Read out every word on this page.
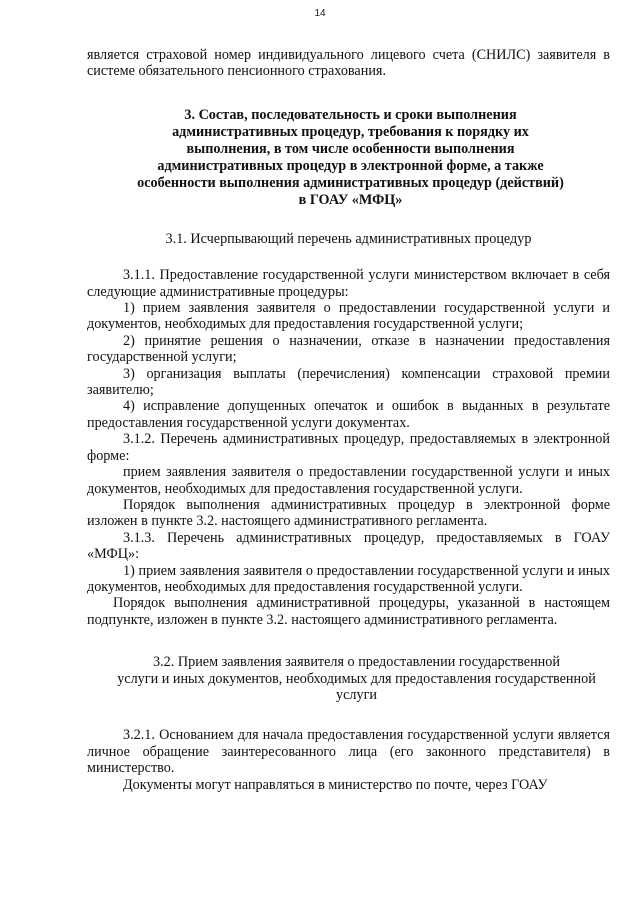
14

является страховой номер индивидуального лицевого счета (СНИЛС) заявителя в системе обязательного пенсионного страхования.

3. Состав, последовательность и сроки выполнения
административных процедур, требования к порядку их
выполнения, в том числе особенности выполнения
административных процедур в электронной форме, а также
особенности выполнения административных процедур (действий)
в ГОАУ «МФЦ»

3.1. Исчерпывающий перечень административных процедур

3.1.1. Предоставление государственной услуги министерством включает в себя следующие административные процедуры:

1) прием заявления заявителя о предоставлении государственной услуги и документов, необходимых для предоставления государственной услуги;

2) принятие решения о назначении, отказе в назначении предоставления государственной услуги;

3) организация выплаты (перечисления) компенсации страховой премии заявителю;

4) исправление допущенных опечаток и ошибок в выданных в результате предоставления государственной услуги документах.

3.1.2. Перечень административных процедур, предоставляемых в электронной форме:

прием заявления заявителя о предоставлении государственной услуги и иных документов, необходимых для предоставления государственной услуги.

Порядок выполнения административных процедур в электронной форме изложен в пункте 3.2. настоящего административного регламента.

3.1.3. Перечень административных процедур, предоставляемых в ГОАУ «МФЦ»:

1) прием заявления заявителя о предоставлении государственной услуги и иных документов, необходимых для предоставления государственной услуги.

Порядок выполнения административной процедуры, указанной в настоящем подпункте, изложен в пункте 3.2. настоящего административного регламента.

3.2. Прием заявления заявителя о предоставлении государственной
услуги и иных документов, необходимых для предоставления государственной
услуги

3.2.1. Основанием для начала предоставления государственной услуги является личное обращение заинтересованного лица (его законного представителя) в министерство.

Документы могут направляться в министерство по почте, через ГОАУ
